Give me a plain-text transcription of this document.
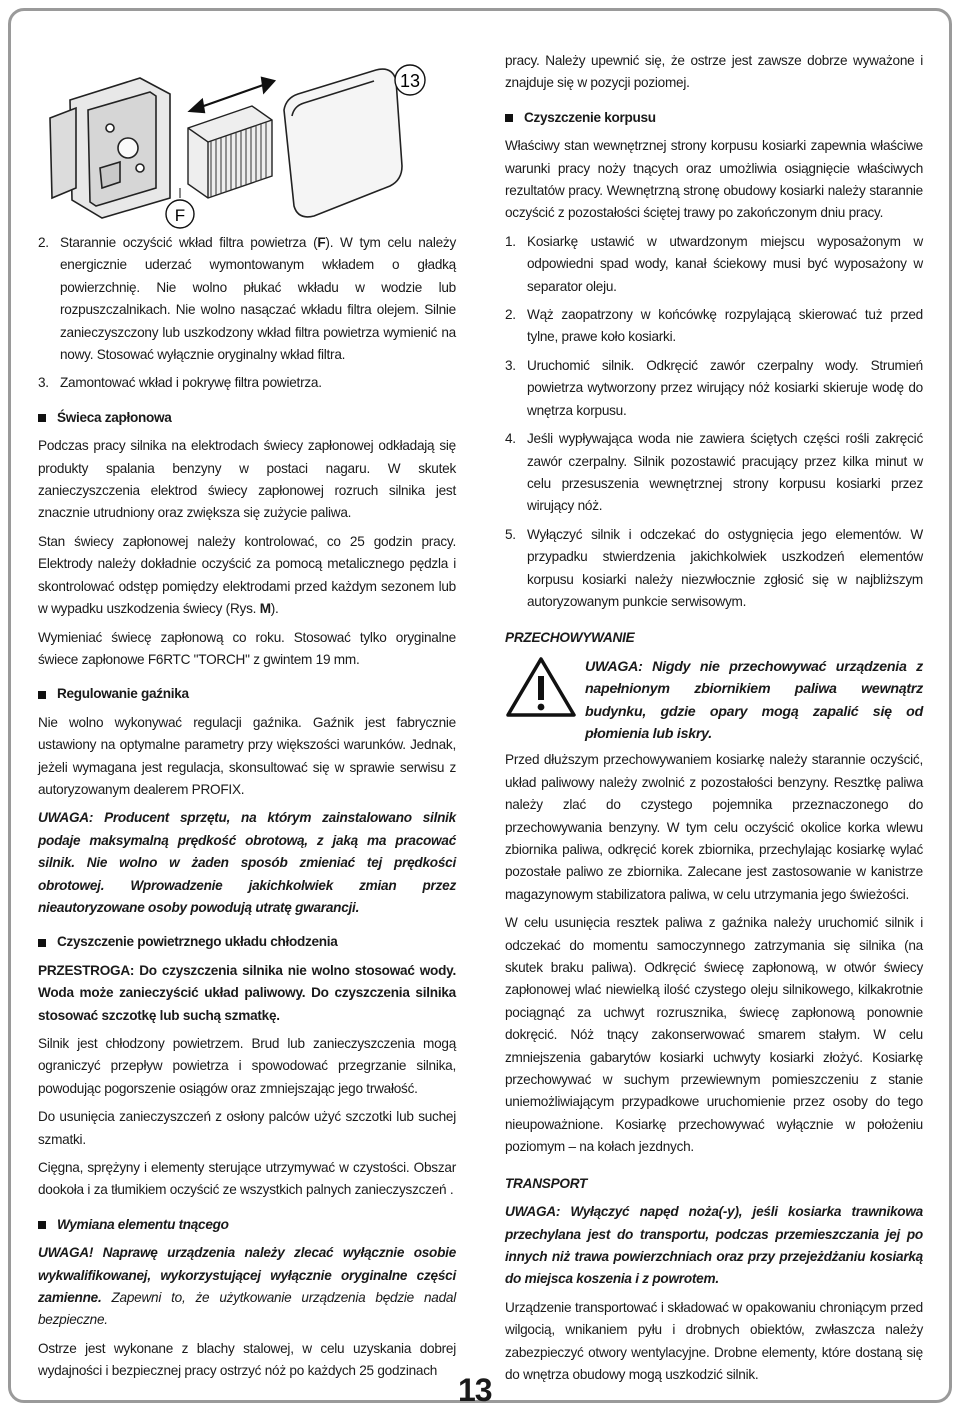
13
F
2. Starannie oczyścić wkład filtra powietrza (F). W tym celu należy energicznie uderzać wymontowanym wkładem o gładką powierzchnię. Nie wolno płukać wkładu w wodzie lub rozpuszczalnikach. Nie wolno nasączać wkładu filtra olejem. Silnie zanieczyszczony lub uszkodzony wkład filtra powietrza wymienić na nowy. Stosować wyłącznie oryginalny wkład filtra.
3. Zamontować wkład i pokrywę filtra powietrza.
Świeca zapłonowa

Podczas pracy silnika na elektrodach świecy zapłonowej odkładają się produkty spalania benzyny w postaci nagaru. W skutek zanieczyszczenia elektrod świecy zapłonowej rozruch silnika jest znacznie utrudniony oraz zwiększa się zużycie paliwa.

Stan świecy zapłonowej należy kontrolować, co 25 godzin pracy. Elektrody należy dokładnie oczyścić za pomocą metalicznego pędzla i skontrolować odstęp pomiędzy elektrodami przed każdym sezonem lub w wypadku uszkodzenia świecy (Rys. M).

Wymieniać świecę zapłonową co roku. Stosować tylko oryginalne świece zapłonowe F6RTC "TORCH" z gwintem 19 mm.

Regulowanie gaźnika

Nie wolno wykonywać regulacji gaźnika. Gaźnik jest fabrycznie ustawiony na optymalne parametry przy większości warunków. Jednak, jeżeli wymagana jest regulacja, skonsultować się w sprawie serwisu z autoryzowanym dealerem PROFIX.

UWAGA: Producent sprzętu, na którym zainstalowano silnik podaje maksymalną prędkość obrotową, z jaką ma pracować silnik. Nie wolno w żaden sposób zmieniać tej prędkości obrotowej. Wprowadzenie jakichkolwiek zmian przez nieautoryzowane osoby powodują utratę gwarancji.

Czyszczenie powietrznego układu chłodzenia

PRZESTROGA: Do czyszczenia silnika nie wolno stosować wody. Woda może zanieczyścić układ paliwowy. Do czyszczenia silnika stosować szczotkę lub suchą szmatkę.

Silnik jest chłodzony powietrzem. Brud lub zanieczyszczenia mogą ograniczyć przepływ powietrza i spowodować przegrzanie silnika, powodując pogorszenie osiągów oraz zmniejszając jego trwałość.

Do usunięcia zanieczyszczeń z osłony palców użyć szczotki lub suchej szmatki.

Cięgna, sprężyny i elementy sterujące utrzymywać w czystości. Obszar dookoła i za tłumikiem oczyścić ze wszystkich palnych zanieczyszczeń .

Wymiana elementu tnącego

UWAGA! Naprawę urządzenia należy zlecać wyłącznie osobie wykwalifikowanej, wykorzystującej wyłącznie oryginalne części zamienne. Zapewni to, że użytkowanie urządzenia będzie nadal bezpieczne.

Ostrze jest wykonane z blachy stalowej, w celu uzyskania dobrej wydajności i bezpiecznej pracy ostrzyć nóż po każdych 25 godzinach

pracy. Należy upewnić się, że ostrze jest zawsze dobrze wyważone i znajduje się w pozycji poziomej.

Czyszczenie korpusu

Właściwy stan wewnętrznej strony korpusu kosiarki zapewnia właściwe warunki pracy noży tnących oraz umożliwia osiągnięcie właściwych rezultatów pracy. Wewnętrzną stronę obudowy kosiarki należy starannie oczyścić z pozostałości ściętej trawy po zakończonym dniu pracy.

1. Kosiarkę ustawić w utwardzonym miejscu wyposażonym w odpowiedni spad wody, kanał ściekowy musi być wyposażony w separator oleju.
2. Wąż zaopatrzony w końcówkę rozpylającą skierować tuż przed tylne, prawe koło kosiarki.
3. Uruchomić silnik. Odkręcić zawór czerpalny wody. Strumień powietrza wytworzony przez wirujący nóż kosiarki skieruje wodę do wnętrza korpusu.
4. Jeśli wypływająca woda nie zawiera ściętych części rośli zakręcić zawór czerpalny. Silnik pozostawić pracujący przez kilka minut w celu przesuszenia wewnętrznej strony korpusu kosiarki przez wirujący nóż.
5. Wyłączyć silnik i odczekać do ostygnięcia jego elementów. W przypadku stwierdzenia jakichkolwiek uszkodzeń elementów korpusu kosiarki należy niezwłocznie zgłosić się w najbliższym autoryzowanym punkcie serwisowym.
PRZECHOWYWANIE
UWAGA: Nigdy nie przechowywać urządzenia z napełnionym zbiornikiem paliwa wewnątrz budynku, gdzie opary mogą zapalić się od płomienia lub iskry.

Przed dłuższym przechowywaniem kosiarkę należy starannie oczyścić, układ paliwowy należy zwolnić z pozostałości benzyny. Resztkę paliwa należy zlać do czystego pojemnika przeznaczonego do przechowywania benzyny. W tym celu oczyścić okolice korka wlewu zbiornika paliwa, odkręcić korek zbiornika, przechylając kosiarkę wylać pozostałe paliwo ze zbiornika. Zalecane jest zastosowanie w kanistrze magazynowym stabilizatora paliwa, w celu utrzymania jego świeżości.

W celu usunięcia resztek paliwa z gaźnika należy uruchomić silnik i odczekać do momentu samoczynnego zatrzymania się silnika (na skutek braku paliwa). Odkręcić świecę zapłonową, w otwór świecy zapłonowej wlać niewielką ilość czystego oleju silnikowego, kilkakrotnie pociągnąć za uchwyt rozrusznika, świecę zapłonową ponownie dokręcić. Nóż tnący zakonserwować smarem stałym. W celu zmniejszenia gabarytów kosiarki uchwyty kosiarki złożyć. Kosiarkę przechowywać w suchym przewiewnym pomieszczeniu z stanie uniemożliwiającym przypadkowe uruchomienie przez osoby do tego nieupoważnione. Kosiarkę przechowywać wyłącznie w położeniu poziomym – na kołach jezdnych.

TRANSPORT

UWAGA: Wyłączyć napęd noża(-y), jeśli kosiarka trawnikowa przechylana jest do transportu, podczas przemieszczania jej po innych niż trawa powierzchniach oraz przy przejeżdżaniu kosiarką do miejsca koszenia i z powrotem.

Urządzenie transportować i składować w opakowaniu chroniącym przed wilgocią, wnikaniem pyłu i drobnych obiektów, zwłaszcza należy zabezpieczyć otwory wentylacyjne. Drobne elementy, które dostaną się do wnętrza obudowy mogą uszkodzić silnik.

13
